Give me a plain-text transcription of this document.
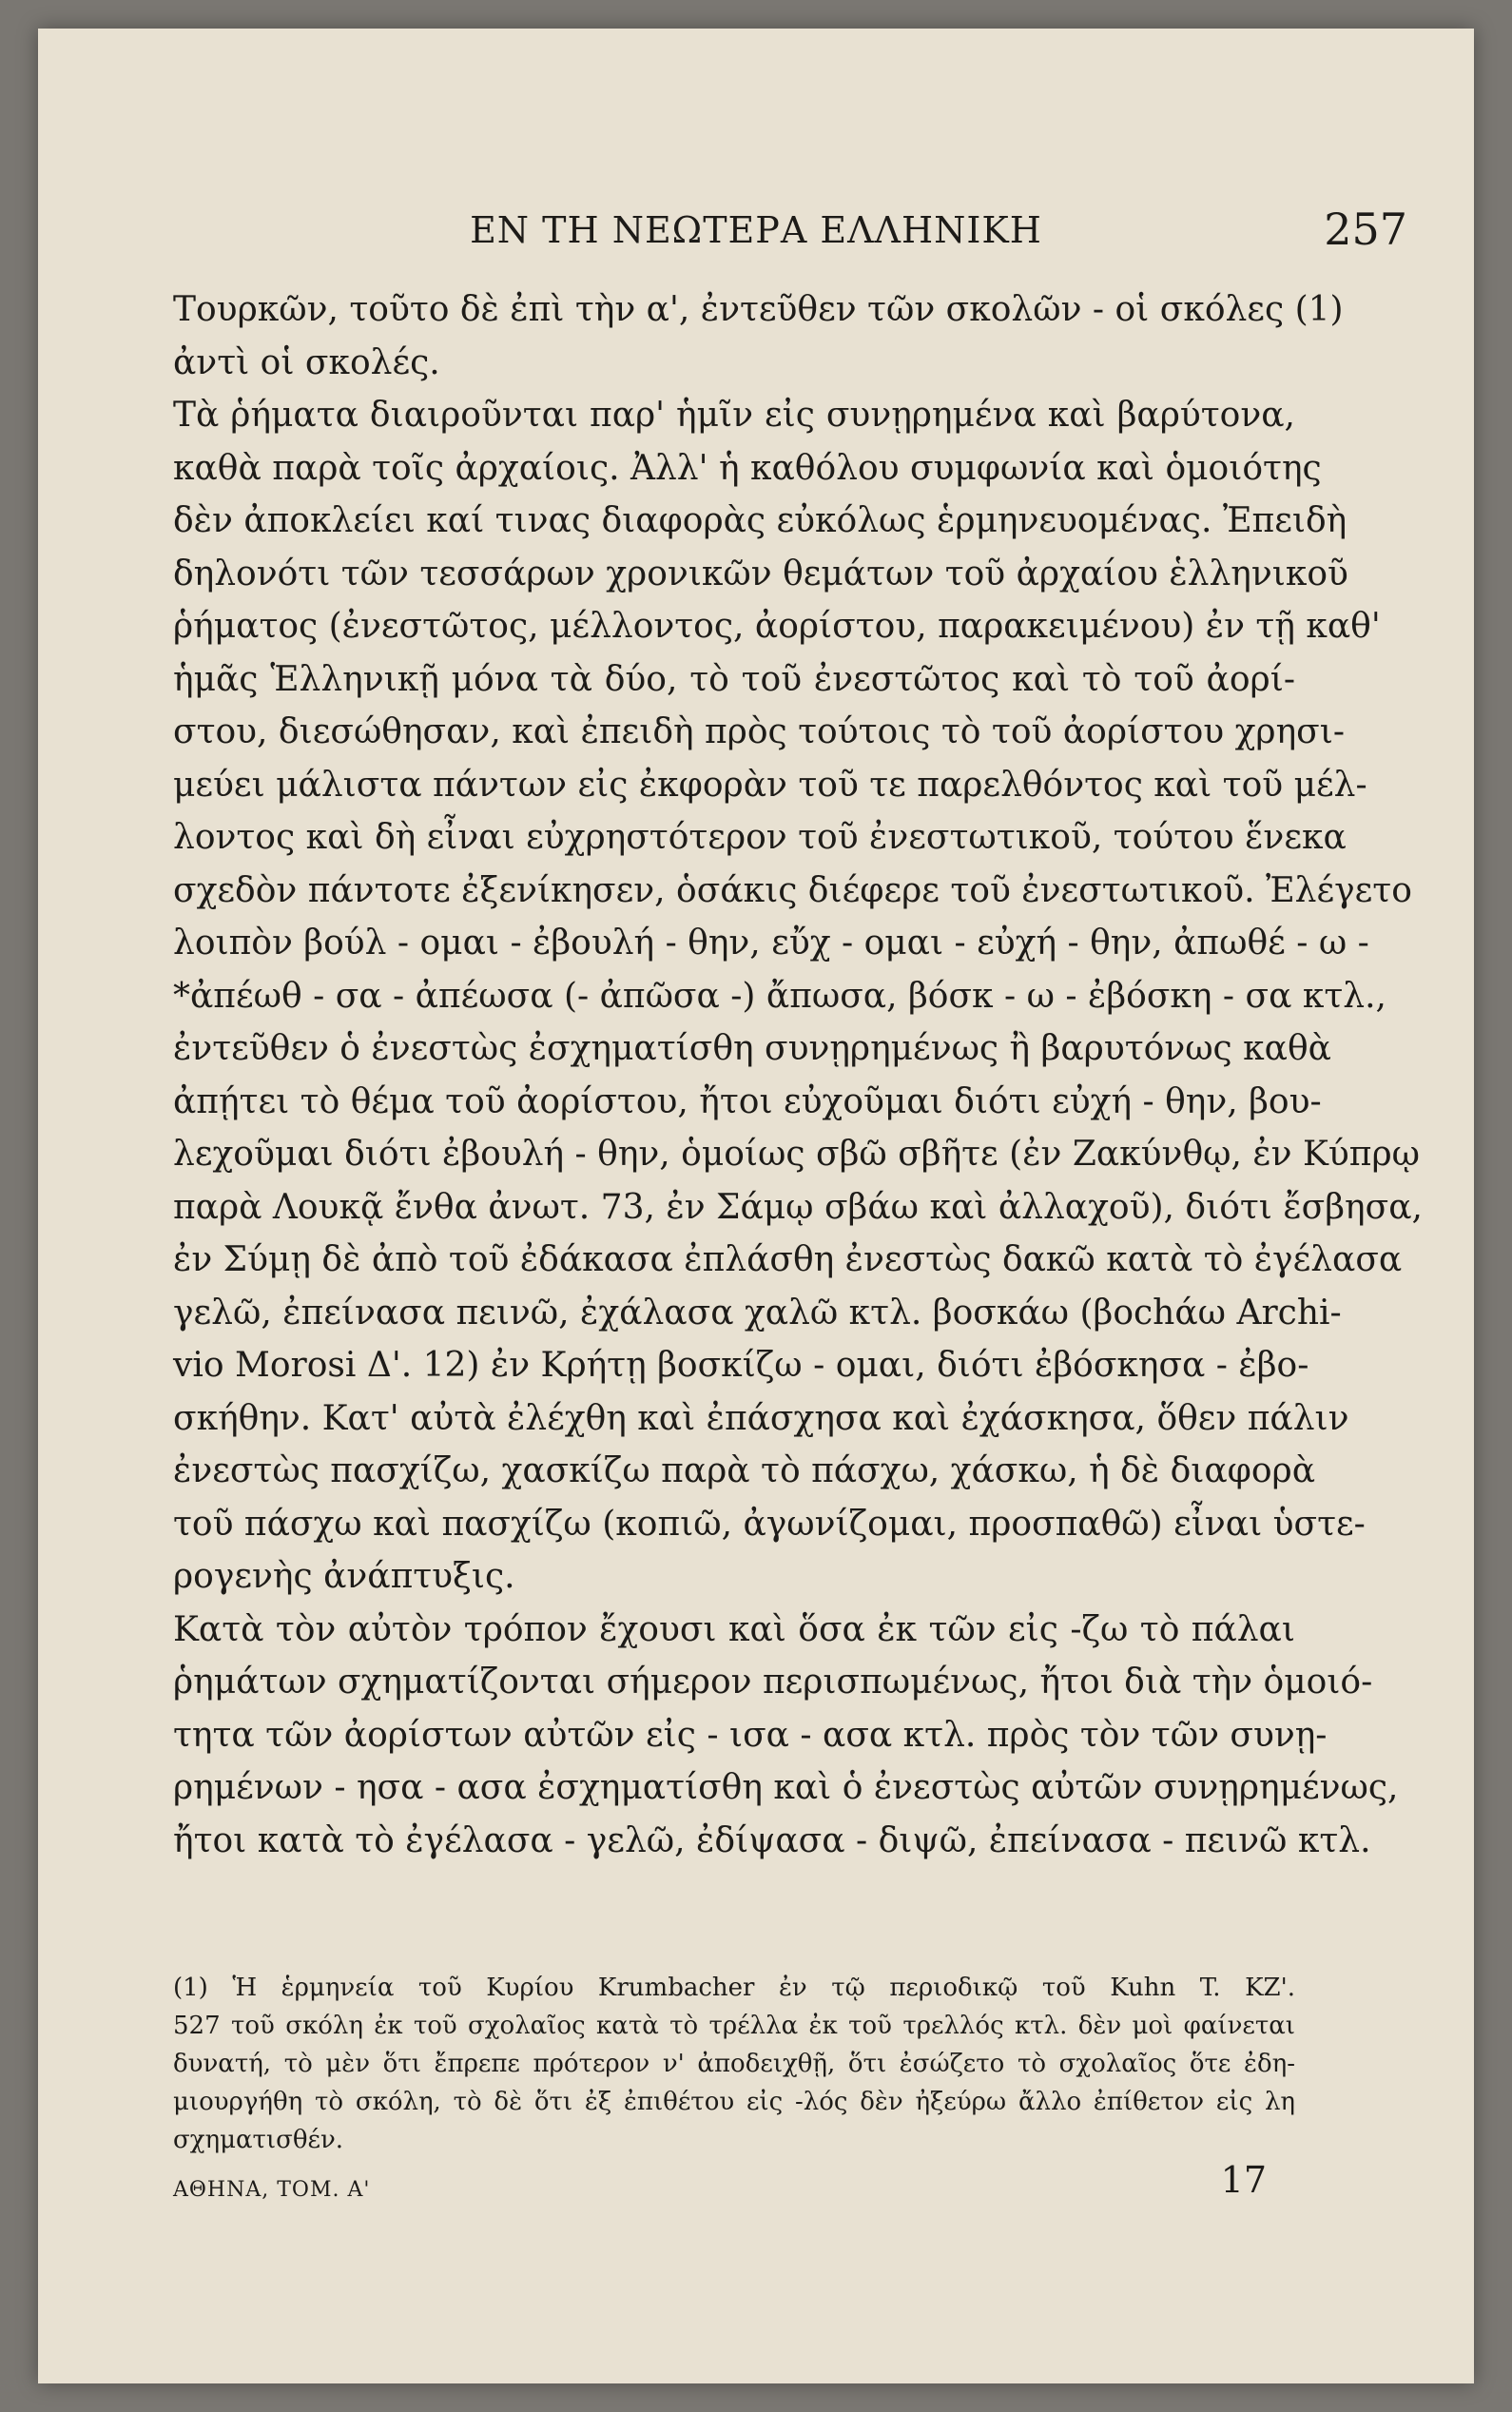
ΕΝ ΤΗ ΝΕΩΤΕΡΑ ΕΛΛΗΝΙΚΗ	257
Τουρκῶν, τοῦτο δὲ ἐπὶ τὴν α', ἐντεῦθεν τῶν σκολῶν - οἱ σκόλες (1)
ἀντὶ οἱ σκολές.
Τὰ ῥήματα διαιροῦνται παρ' ἡμῖν εἰς συνῃρημένα καὶ βαρύτονα,
καθὰ παρὰ τοῖς ἀρχαίοις. Ἀλλ' ἡ καθόλου συμφωνία καὶ ὁμοιότης
δὲν ἀποκλείει καί τινας διαφορὰς εὐκόλως ἑρμηνευομένας. Ἐπειδὴ
δηλονότι τῶν τεσσάρων χρονικῶν θεμάτων τοῦ ἀρχαίου ἑλληνικοῦ
ῥήματος (ἐνεστῶτος, μέλλοντος, ἀορίστου, παρακειμένου) ἐν τῇ καθ'
ἡμᾶς Ἑλληνικῇ μόνα τὰ δύο, τὸ τοῦ ἐνεστῶτος καὶ τὸ τοῦ ἀορί-
στου, διεσώθησαν, καὶ ἐπειδὴ πρὸς τούτοις τὸ τοῦ ἀορίστου χρησι-
μεύει μάλιστα πάντων εἰς ἐκφορὰν τοῦ τε παρελθόντος καὶ τοῦ μέλ-
λοντος καὶ δὴ εἶναι εὐχρηστότερον τοῦ ἐνεστωτικοῦ, τούτου ἕνεκα
σχεδὸν πάντοτε ἐξενίκησεν, ὁσάκις διέφερε τοῦ ἐνεστωτικοῦ. Ἐλέγετο
λοιπὸν βούλ - ομαι - ἐβουλή - θην, εὔχ - ομαι - εὐχή - θην, ἀπωθέ - ω -
*ἀπέωθ - σα - ἀπέωσα (- ἀπῶσα -) ἄπωσα, βόσκ - ω - ἐβόσκη - σα κτλ.,
ἐντεῦθεν ὁ ἐνεστὼς ἐσχηματίσθη συνῃρημένως ἢ βαρυτόνως καθὰ
ἀπῄτει τὸ θέμα τοῦ ἀορίστου, ἤτοι εὐχοῦμαι διότι εὐχή - θην, βου-
λεχοῦμαι διότι ἐβουλή - θην, ὁμοίως σβῶ σβῆτε (ἐν Ζακύνθῳ, ἐν Κύπρῳ
παρὰ Λουκᾷ ἔνθα ἀνωτ. 73, ἐν Σάμῳ σβάω καὶ ἀλλαχοῦ), διότι ἔσβησα,
ἐν Σύμῃ δὲ ἀπὸ τοῦ ἐδάκασα ἐπλάσθη ἐνεστὼς δακῶ κατὰ τὸ ἐγέλασα
γελῶ, ἐπείνασα πεινῶ, ἐχάλασα χαλῶ κτλ. βοσκάω (βochάω Archi-
vio Morosi Δ'. 12) ἐν Κρήτῃ βοσκίζω - ομαι, διότι ἐβόσκησα - ἐβο-
σκήθην. Κατ' αὐτὰ ἐλέχθη καὶ ἐπάσχησα καὶ ἐχάσκησα, ὅθεν πάλιν
ἐνεστὼς πασχίζω, χασκίζω παρὰ τὸ πάσχω, χάσκω, ἡ δὲ διαφορὰ
τοῦ πάσχω καὶ πασχίζω (κοπιῶ, ἀγωνίζομαι, προσπαθῶ) εἶναι ὑστε-
ρογενὴς ἀνάπτυξις.
Κατὰ τὸν αὐτὸν τρόπον ἔχουσι καὶ ὅσα ἐκ τῶν εἰς -ζω τὸ πάλαι
ῥημάτων σχηματίζονται σήμερον περισπωμένως, ἤτοι διὰ τὴν ὁμοιό-
τητα τῶν ἀορίστων αὐτῶν εἰς - ισα - ασα κτλ. πρὸς τὸν τῶν συνῃ-
ρημένων - ησα - ασα ἐσχηματίσθη καὶ ὁ ἐνεστὼς αὐτῶν συνῃρημένως,
ἤτοι κατὰ τὸ ἐγέλασα - γελῶ, ἐδίψασα - διψῶ, ἐπείνασα - πεινῶ κτλ.
(1) Ἡ ἑρμηνεία τοῦ Κυρίου Krumbacher ἐν τῷ περιοδικῷ τοῦ Kuhn T. KZ'.
527 τοῦ σκόλη ἐκ τοῦ σχολαῖος κατὰ τὸ τρέλλα ἐκ τοῦ τρελλός κτλ. δὲν μοὶ φαίνεται
δυνατή, τὸ μὲν ὅτι ἔπρεπε πρότερον ν' ἀποδειχθῇ, ὅτι ἐσώζετο τὸ σχολαῖος ὅτε ἐδη-
μιουργήθη τὸ σκόλη, τὸ δὲ ὅτι ἐξ ἐπιθέτου εἰς -λός δὲν ἠξεύρω ἄλλο ἐπίθετον εἰς λη
σχηματισθέν.
ΑΘΗΝΑ, ΤΟΜ. Α'	17
